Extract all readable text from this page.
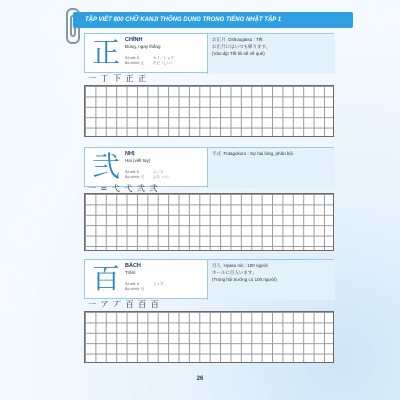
TẬP VIẾT 800 CHỮ KANJI THÔNG DỤNG TRONG TIẾNG NHẬT TẬP 1
正 CHÍNH
Đúng, ngay thẳng
Số nét: 5	セイ／ショウ
Bộ chính: 止 ただ（しい）
お正月 Oshougatsu : Tết
お正月にはいつも帰ります。
(Vào dịp Tết tôi sẽ về quê)
一 丁 下 正 正
弐 NHỊ
Hai (viết tay)
Số nét: 6	ニ／ジ
Bộ chính: 弋 ふた（つ）
不式 Futagokoro : Sự hai lòng, phản bội
一 = 弋 弋 弐 弐
百 BÁCH
Trăm
Số nét: 6	ヒャク
Bộ chính: 白
百人 Hyaku nin : 100 người
ホールに百人います。
(Trong hội trường có 100 người)
一 ア 丆 百 百 百
26
